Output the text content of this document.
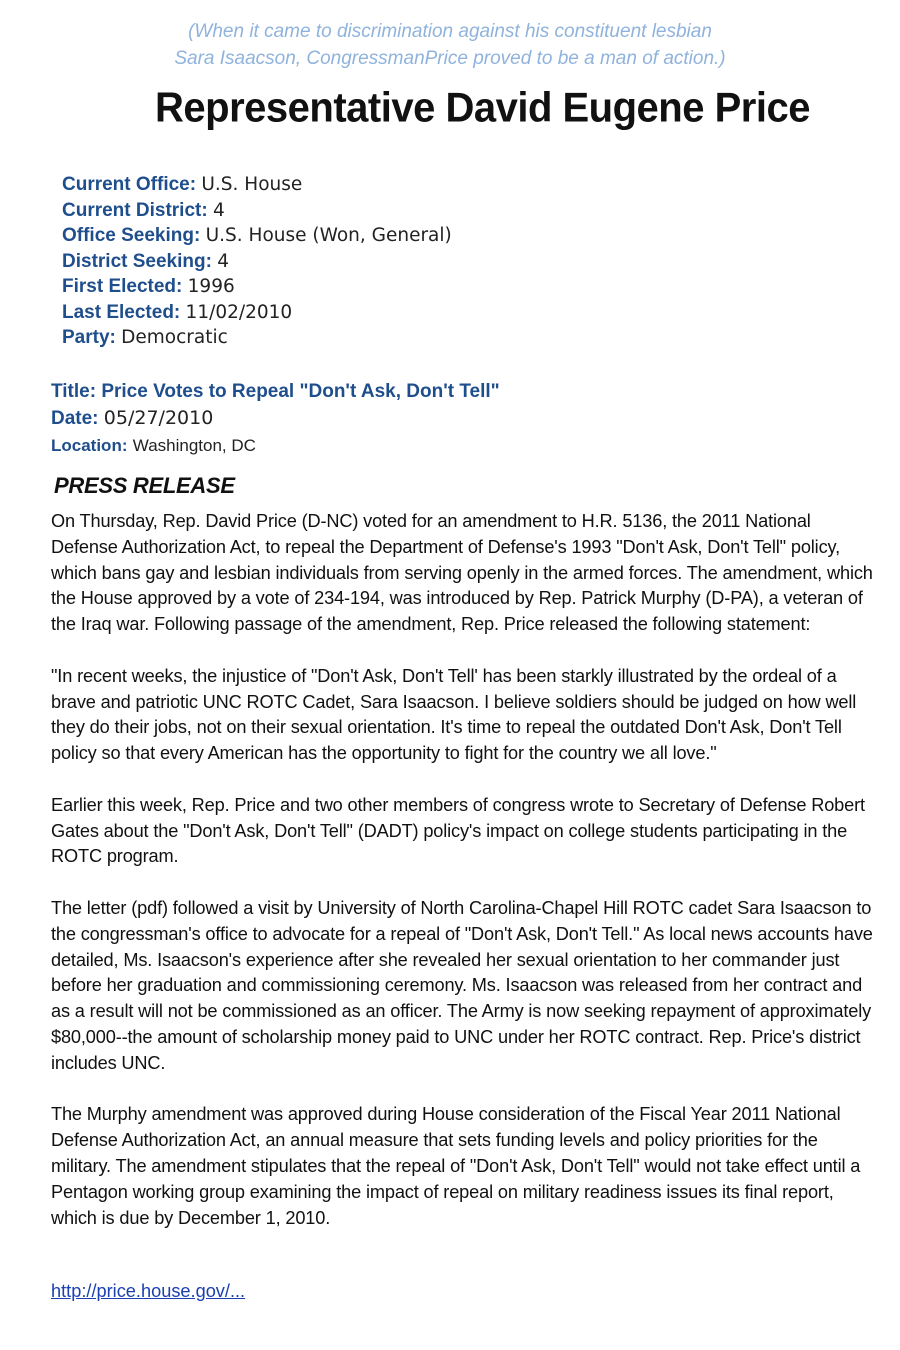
(When it came to discrimination against his constituent lesbian
Sara Isaacson, CongressmanPrice proved to be a man of action.)
Representative David Eugene Price
Current Office: U.S. House
Current District: 4
Office Seeking: U.S. House (Won, General)
District Seeking: 4
First Elected: 1996
Last Elected: 11/02/2010
Party: Democratic
Title: Price Votes to Repeal "Don't Ask, Don't Tell"
Date: 05/27/2010
Location: Washington, DC
PRESS RELEASE

On Thursday, Rep. David Price (D-NC) voted for an amendment to H.R. 5136, the 2011 National Defense Authorization Act, to repeal the Department of Defense's 1993 "Don't Ask, Don't Tell" policy, which bans gay and lesbian individuals from serving openly in the armed forces. The amendment, which the House approved by a vote of 234-194, was introduced by Rep. Patrick Murphy (D-PA), a veteran of the Iraq war. Following passage of the amendment, Rep. Price released the following statement:

"In recent weeks, the injustice of "Don't Ask, Don't Tell' has been starkly illustrated by the ordeal of a brave and patriotic UNC ROTC Cadet, Sara Isaacson. I believe soldiers should be judged on how well they do their jobs, not on their sexual orientation. It's time to repeal the outdated Don't Ask, Don't Tell policy so that every American has the opportunity to fight for the country we all love."

Earlier this week, Rep. Price and two other members of congress wrote to Secretary of Defense Robert Gates about the "Don't Ask, Don't Tell" (DADT) policy's impact on college students participating in the ROTC program.

The letter (pdf) followed a visit by University of North Carolina-Chapel Hill ROTC cadet Sara Isaacson to the congressman's office to advocate for a repeal of "Don't Ask, Don't Tell." As local news accounts have detailed, Ms. Isaacson's experience after she revealed her sexual orientation to her commander just before her graduation and commissioning ceremony. Ms. Isaacson was released from her contract and as a result will not be commissioned as an officer. The Army is now seeking repayment of approximately $80,000--the amount of scholarship money paid to UNC under her ROTC contract. Rep. Price's district includes UNC.

The Murphy amendment was approved during House consideration of the Fiscal Year 2011 National Defense Authorization Act, an annual measure that sets funding levels and policy priorities for the military. The amendment stipulates that the repeal of "Don't Ask, Don't Tell" would not take effect until a Pentagon working group examining the impact of repeal on military readiness issues its final report, which is due by December 1, 2010.

http://price.house.gov/...
